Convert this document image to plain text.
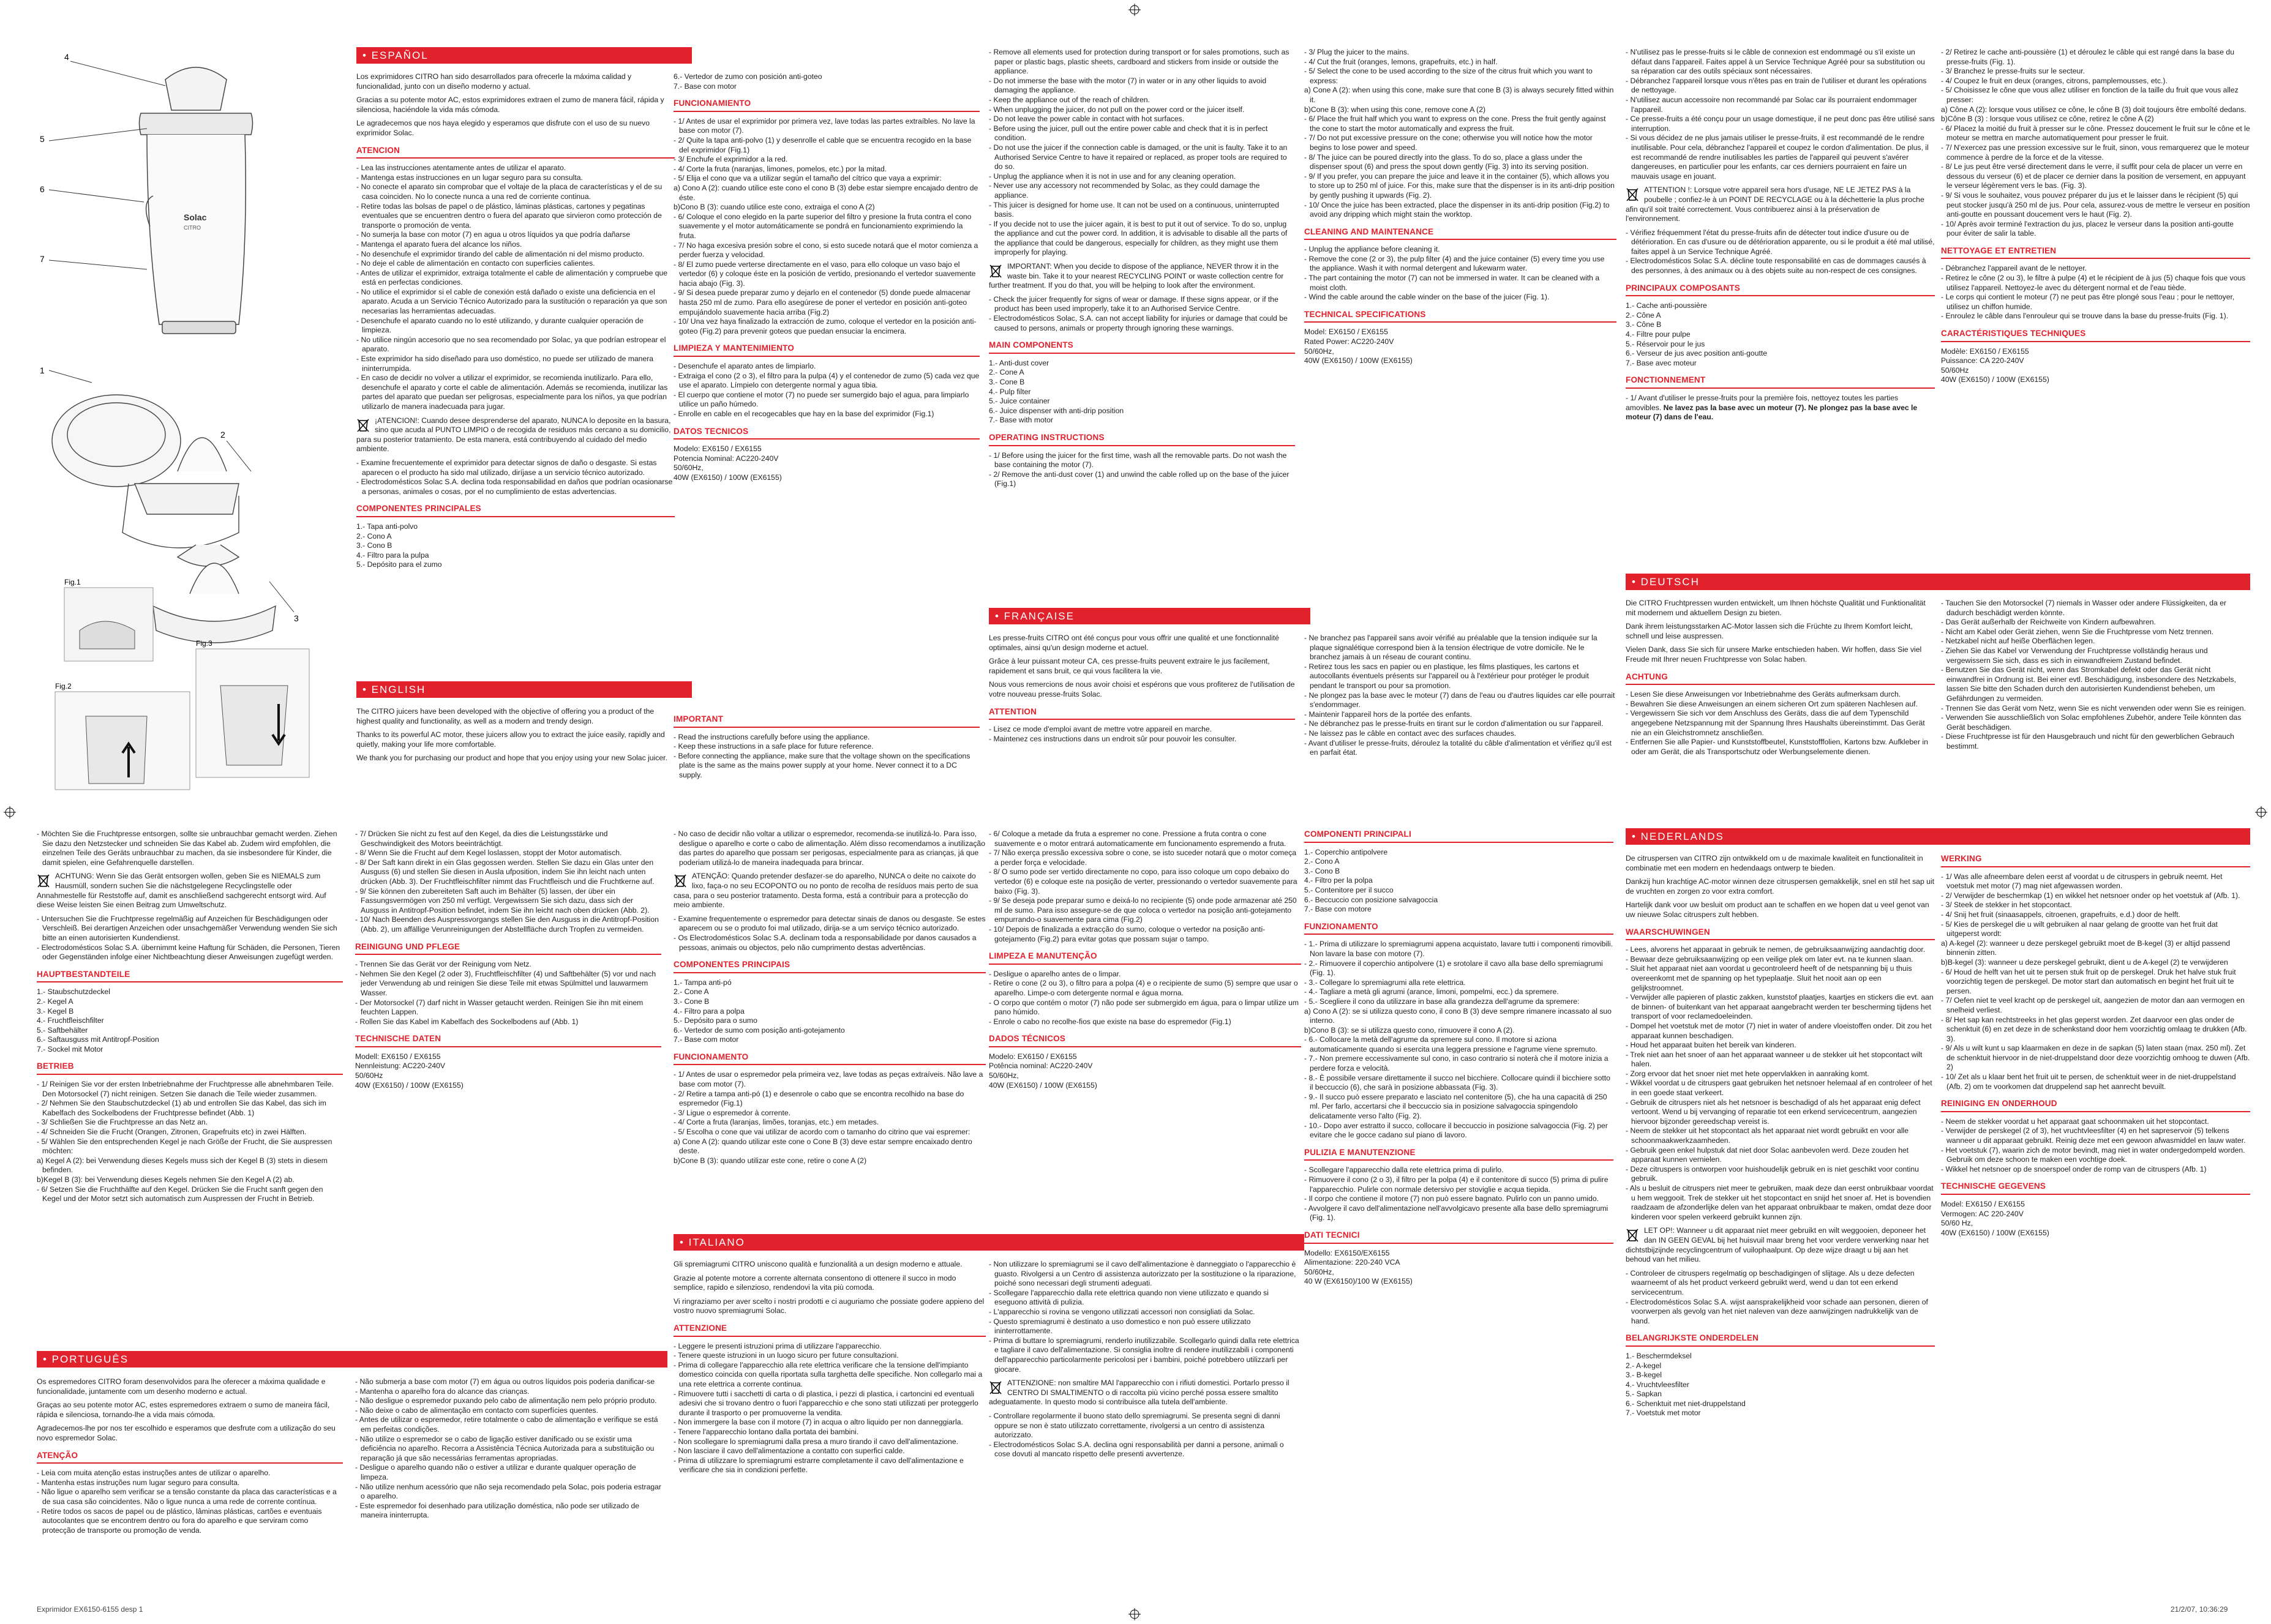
Solac
CITRO
4
5
6
7
1
2
3
Fig.1
Fig.3
Fig.2
• ESPAÑOL

Los exprimidores CITRO han sido desarrollados para ofrecerle la máxima calidad y funcionalidad, junto con un diseño moderno y actual.

Gracias a su potente motor AC, estos exprimidores extraen el zumo de manera fácil, rápida y silenciosa, haciéndole la vida más cómoda.

Le agradecemos que nos haya elegido y esperamos que disfrute con el uso de su nuevo exprimidor Solac.

ATENCION
- Lea las instrucciones atentamente antes de utilizar el aparato.
- Mantenga estas instrucciones en un lugar seguro para su consulta.
- No conecte el aparato sin comprobar que el voltaje de la placa de características y el de su casa coinciden. No lo conecte nunca a una red de corriente continua.
- Retire todas las bolsas de papel o de plástico, láminas plásticas, cartones y pegatinas eventuales que se encuentren dentro o fuera del aparato que sirvieron como protección de transporte o promoción de venta.
- No sumerja la base con motor (7) en agua u otros líquidos ya que podría dañarse
- Mantenga el aparato fuera del alcance los niños.
- No desenchufe el exprimidor tirando del cable de alimentación ni del mismo producto.
- No deje el cable de alimentación en contacto con superficies calientes.
- Antes de utilizar el exprimidor, extraiga totalmente el cable de alimentación y compruebe que está en perfectas condiciones.
- No utilice el exprimidor si el cable de conexión está dañado o existe una deficiencia en el aparato. Acuda a un Servicio Técnico Autorizado para la sustitución o reparación ya que son necesarias las herramientas adecuadas.
- Desenchufe el aparato cuando no lo esté utilizando, y durante cualquier operación de limpieza.
- No utilice ningún accesorio que no sea recomendado por Solac, ya que podrían estropear el aparato.
- Este exprimidor ha sido diseñado para uso doméstico, no puede ser utilizado de manera ininterrumpida.
- En caso de decidir no volver a utilizar el exprimidor, se recomienda inutilizarlo. Para ello, desenchufe el aparato y corte el cable de alimentación. Además se recomienda, inutilizar las partes del aparato que puedan ser peligrosas, especialmente para los niños, ya que podrían utilizarlo de manera inadecuada para jugar.

¡ATENCION!: Cuando desee desprenderse del aparato, NUNCA lo deposite en la basura, sino que acuda al PUNTO LIMPIO o de recogida de residuos más cercano a su domicilio, para su posterior tratamiento. De esta manera, está contribuyendo al cuidado del medio ambiente.

- Examine frecuentemente el exprimidor para detectar signos de daño o desgaste. Si estas aparecen o el producto ha sido mal utilizado, diríjase a un servicio técnico autorizado.
- Electrodomésticos Solac S.A. declina toda responsabilidad en daños que podrían ocasionarse a personas, animales o cosas, por el no cumplimiento de estas advertencias.
COMPONENTES PRINCIPALES
1.- Tapa anti-polvo
2.- Cono A
3.- Cono B
4.- Filtro para la pulpa
5.- Depósito para el zumo
6.- Vertedor de zumo con posición anti-goteo
7.- Base con motor
FUNCIONAMIENTO
- 1/ Antes de usar el exprimidor por primera vez, lave todas las partes extraíbles. No lave la base con motor (7).
- 2/ Quite la tapa anti-polvo (1) y desenrolle el cable que se encuentra recogido en la base del exprimidor (Fig.1)
- 3/ Enchufe el exprimidor a la red.
- 4/ Corte la fruta (naranjas, limones, pomelos, etc.) por la mitad.
- 5/ Elija el cono que va a utilizar según el tamaño del cítrico que vaya a exprimir:
a) Cono A (2): cuando utilice este cono el cono B (3) debe estar siempre encajado dentro de éste.
b)Cono B (3): cuando utilice este cono, extraiga el cono A (2)
- 6/ Coloque el cono elegido en la parte superior del filtro y presione la fruta contra el cono suavemente y el motor automáticamente se pondrá en funcionamiento exprimiendo la fruta.
- 7/ No haga excesiva presión sobre el cono, si esto sucede notará que el motor comienza a perder fuerza y velocidad.
- 8/ El zumo puede verterse directamente en el vaso, para ello coloque un vaso bajo el vertedor (6) y coloque éste en la posición de vertido, presionando el vertedor suavemente hacia abajo (Fig. 3).
- 9/ Si desea puede preparar zumo y dejarlo en el contenedor (5) donde puede almacenar hasta 250 ml de zumo. Para ello asegúrese de poner el vertedor en posición anti-goteo empujándolo suavemente hacia arriba (Fig.2)
- 10/ Una vez haya finalizado la extracción de zumo, coloque el vertedor en la posición anti-goteo (Fig.2) para prevenir goteos que puedan ensuciar la encimera.
LIMPIEZA Y MANTENIMIENTO
- Desenchufe el aparato antes de limpiarlo.
- Extraiga el cono (2 o 3), el filtro para la pulpa (4) y el contenedor de zumo (5) cada vez que use el aparato. Límpielo con detergente normal y agua tibia.
- El cuerpo que contiene el motor (7) no puede ser sumergido bajo el agua, para limpiarlo utilice un paño húmedo.
- Enrolle en cable en el recogecables que hay en la base del exprimidor (Fig.1)
DATOS TECNICOS

Modelo: EX6150 / EX6155

Potencia Nominal: AC220-240V

50/60Hz,

40W (EX6150) / 100W (EX6155)

• ENGLISH

The CITRO juicers have been developed with the objective of offering you a product of the highest quality and functionality, as well as a modern and trendy design.

Thanks to its powerful AC motor, these juicers allow you to extract the juice easily, rapidly and quietly, making your life more comfortable.

We thank you for purchasing our product and hope that you enjoy using your new Solac juicer.

IMPORTANT
- Read the instructions carefully before using the appliance.
- Keep these instructions in a safe place for future reference.
- Before connecting the appliance, make sure that the voltage shown on the specifications plate is the same as the mains power supply at your home. Never connect it to a DC supply.
- Remove all elements used for protection during transport or for sales promotions, such as paper or plastic bags, plastic sheets, cardboard and stickers from inside or outside the appliance.
- Do not immerse the base with the motor (7) in water or in any other liquids to avoid damaging the appliance.
- Keep the appliance out of the reach of children.
- When unplugging the juicer, do not pull on the power cord or the juicer itself.
- Do not leave the power cable in contact with hot surfaces.
- Before using the juicer, pull out the entire power cable and check that it is in perfect condition.
- Do not use the juicer if the connection cable is damaged, or the unit is faulty. Take it to an Authorised Service Centre to have it repaired or replaced, as proper tools are required to do so.
- Unplug the appliance when it is not in use and for any cleaning operation.
- Never use any accessory not recommended by Solac, as they could damage the appliance.
- This juicer is designed for home use. It can not be used on a continuous, uninterrupted basis.
- If you decide not to use the juicer again, it is best to put it out of service. To do so, unplug the appliance and cut the power cord. In addition, it is advisable to disable all the parts of the appliance that could be dangerous, especially for children, as they might use them improperly for playing.

IMPORTANT: When you decide to dispose of the appliance, NEVER throw it in the waste bin. Take it to your nearest RECYCLING POINT or waste collection centre for further treatment. If you do that, you will be helping to look after the environment.

- Check the juicer frequently for signs of wear or damage. If these signs appear, or if the product has been used improperly, take it to an Authorised Service Centre.
- Electrodomésticos Solac, S.A. can not accept liability for injuries or damage that could be caused to persons, animals or property through ignoring these warnings.
MAIN COMPONENTS
1.- Anti-dust cover
2.- Cone A
3.- Cone B
4.- Pulp filter
5.- Juice container
6.- Juice dispenser with anti-drip position
7.- Base with motor
OPERATING INSTRUCTIONS
- 1/ Before using the juicer for the first time, wash all the removable parts. Do not wash the base containing the motor (7).
- 2/ Remove the anti-dust cover (1) and unwind the cable rolled up on the base of the juicer (Fig.1)
- 3/ Plug the juicer to the mains.
- 4/ Cut the fruit (oranges, lemons, grapefruits, etc.) in half.
- 5/ Select the cone to be used according to the size of the citrus fruit which you want to express:
a) Cone A (2): when using this cone, make sure that cone B (3) is always securely fitted within it.
b)Cone B (3): when using this cone, remove cone A (2)
- 6/ Place the fruit half which you want to express on the cone. Press the fruit gently against the cone to start the motor automatically and express the fruit.
- 7/ Do not put excessive pressure on the cone; otherwise you will notice how the motor begins to lose power and speed.
- 8/ The juice can be poured directly into the glass. To do so, place a glass under the dispenser spout (6) and press the spout down gently (Fig. 3) into its serving position.
- 9/ If you prefer, you can prepare the juice and leave it in the container (5), which allows you to store up to 250 ml of juice. For this, make sure that the dispenser is in its anti-drip position by gently pushing it upwards (Fig. 2).
- 10/ Once the juice has been extracted, place the dispenser in its anti-drip position (Fig.2) to avoid any dripping which might stain the worktop.
CLEANING AND MAINTENANCE
- Unplug the appliance before cleaning it.
- Remove the cone (2 or 3), the pulp filter (4) and the juice container (5) every time you use the appliance. Wash it with normal detergent and lukewarm water.
- The part containing the motor (7) can not be immersed in water. It can be cleaned with a moist cloth.
- Wind the cable around the cable winder on the base of the juicer (Fig. 1).
TECHNICAL SPECIFICATIONS

Model: EX6150 / EX6155

Rated Power: AC220-240V

50/60Hz,

40W (EX6150) / 100W (EX6155)

• FRANÇAISE

Les presse-fruits CITRO ont été conçus pour vous offrir une qualité et une fonctionnalité optimales, ainsi qu'un design moderne et actuel.

Grâce à leur puissant moteur CA, ces presse-fruits peuvent extraire le jus facilement, rapidement et sans bruit, ce qui vous facilitera la vie.

Nous vous remercions de nous avoir choisi et espérons que vous profiterez de l'utilisation de votre nouveau presse-fruits Solac.

ATTENTION
- Lisez ce mode d'emploi avant de mettre votre appareil en marche.
- Maintenez ces instructions dans un endroit sûr pour pouvoir les consulter.
- Ne branchez pas l'appareil sans avoir vérifié au préalable que la tension indiquée sur la plaque signalétique correspond bien à la tension électrique de votre domicile. Ne le branchez jamais à un réseau de courant continu.
- Retirez tous les sacs en papier ou en plastique, les films plastiques, les cartons et autocollants éventuels présents sur l'appareil ou à l'extérieur pour protéger le produit pendant le transport ou pour sa promotion.
- Ne plongez pas la base avec le moteur (7) dans de l'eau ou d'autres liquides car elle pourrait s'endommager.
- Maintenir l'appareil hors de la portée des enfants.
- Ne débranchez pas le presse-fruits en tirant sur le cordon d'alimentation ou sur l'appareil.
- Ne laissez pas le câble en contact avec des surfaces chaudes.
- Avant d'utiliser le presse-fruits, déroulez la totalité du câble d'alimentation et vérifiez qu'il est en parfait état.
- N'utilisez pas le presse-fruits si le câble de connexion est endommagé ou s'il existe un défaut dans l'appareil. Faites appel à un Service Technique Agréé pour sa substitution ou sa réparation car des outils spéciaux sont nécessaires.
- Débranchez l'appareil lorsque vous n'êtes pas en train de l'utiliser et durant les opérations de nettoyage.
- N'utilisez aucun accessoire non recommandé par Solac car ils pourraient endommager l'appareil.
- Ce presse-fruits a été conçu pour un usage domestique, il ne peut donc pas être utilisé sans interruption.
- Si vous décidez de ne plus jamais utiliser le presse-fruits, il est recommandé de le rendre inutilisable. Pour cela, débranchez l'appareil et coupez le cordon d'alimentation. De plus, il est recommandé de rendre inutilisables les parties de l'appareil qui peuvent s'avérer dangereuses, en particulier pour les enfants, car ces derniers pourraient en faire un mauvais usage en jouant.

ATTENTION !: Lorsque votre appareil sera hors d'usage, NE LE JETEZ PAS à la poubelle ; confiez-le à un POINT DE RECYCLAGE ou à la déchetterie la plus proche afin qu'il soit traité correctement. Vous contribuerez ainsi à la préservation de l'environnement.

- Vérifiez fréquemment l'état du presse-fruits afin de détecter tout indice d'usure ou de détérioration. En cas d'usure ou de détérioration apparente, ou si le produit a été mal utilisé, faites appel à un Service Technique Agréé.
- Electrodomésticos Solac S.A. décline toute responsabilité en cas de dommages causés à des personnes, à des animaux ou à des objets suite au non-respect de ces consignes.
PRINCIPAUX COMPOSANTS
1.- Cache anti-poussière
2.- Cône A
3.- Cône B
4.- Filtre pour pulpe
5.- Réservoir pour le jus
6.- Verseur de jus avec position anti-goutte
7.- Base avec moteur
FONCTIONNEMENT

- 1/ Avant d'utiliser le presse-fruits pour la première fois, nettoyez toutes les parties amovibles. Ne lavez pas la base avec un moteur (7). Ne plongez pas la base avec le moteur (7) dans de l'eau.

- 2/ Retirez le cache anti-poussière (1) et déroulez le câble qui est rangé dans la base du presse-fruits (Fig. 1).
- 3/ Branchez le presse-fruits sur le secteur.
- 4/ Coupez le fruit en deux (oranges, citrons, pamplemousses, etc.).
- 5/ Choisissez le cône que vous allez utiliser en fonction de la taille du fruit que vous allez presser:
a) Cône A (2): lorsque vous utilisez ce cône, le cône B (3) doit toujours être emboîté dedans.
b)Cône B (3) : lorsque vous utilisez ce cône, retirez le cône A (2)
- 6/ Placez la moitié du fruit à presser sur le cône. Pressez doucement le fruit sur le cône et le moteur se mettra en marche automatiquement pour presser le fruit.
- 7/ N'exercez pas une pression excessive sur le fruit, sinon, vous remarquerez que le moteur commence à perdre de la force et de la vitesse.
- 8/ Le jus peut être versé directement dans le verre, il suffit pour cela de placer un verre en dessous du verseur (6) et de placer ce dernier dans la position de versement, en appuyant le verseur légèrement vers le bas. (Fig. 3).
- 9/ Si vous le souhaitez, vous pouvez préparer du jus et le laisser dans le récipient (5) qui peut stocker jusqu'à 250 ml de jus. Pour cela, assurez-vous de mettre le verseur en position anti-goutte en poussant doucement vers le haut (Fig. 2).
- 10/ Après avoir terminé l'extraction du jus, placez le verseur dans la position anti-goutte pour éviter de salir la table.
NETTOYAGE ET ENTRETIEN
- Débranchez l'appareil avant de le nettoyer.
- Retirez le cône (2 ou 3), le filtre à pulpe (4) et le récipient de à jus (5) chaque fois que vous utilisez l'appareil. Nettoyez-le avec du détergent normal et de l'eau tiède.
- Le corps qui contient le moteur (7) ne peut pas être plongé sous l'eau ; pour le nettoyer, utilisez un chiffon humide.
- Enroulez le câble dans l'enrouleur qui se trouve dans la base du presse-fruits (Fig. 1).
CARACTÉRISTIQUES TECHNIQUES

Modèle: EX6150 / EX6155

Puissance: CA 220-240V

50/60Hz

40W (EX6150) / 100W (EX6155)

• DEUTSCH

Die CITRO Fruchtpressen wurden entwickelt, um Ihnen höchste Qualität und Funktionalität mit modernem und aktuellem Design zu bieten.

Dank ihrem leistungsstarken AC-Motor lassen sich die Früchte zu Ihrem Komfort leicht, schnell und leise auspressen.

Vielen Dank, dass Sie sich für unsere Marke entschieden haben. Wir hoffen, dass Sie viel Freude mit Ihrer neuen Fruchtpresse von Solac haben.

ACHTUNG
- Lesen Sie diese Anweisungen vor Inbetriebnahme des Geräts aufmerksam durch.
- Bewahren Sie diese Anweisungen an einem sicheren Ort zum späteren Nachlesen auf.
- Vergewissern Sie sich vor dem Anschluss des Geräts, dass die auf dem Typenschild angegebene Netzspannung mit der Spannung Ihres Haushalts übereinstimmt. Das Gerät nie an ein Gleichstromnetz anschließen.
- Entfernen Sie alle Papier- und Kunststoffbeutel, Kunststofffolien, Kartons bzw. Aufkleber in oder am Gerät, die als Transportschutz oder Werbungselemente dienen.
- Tauchen Sie den Motorsockel (7) niemals in Wasser oder andere Flüssigkeiten, da er dadurch beschädigt werden könnte.
- Das Gerät außerhalb der Reichweite von Kindern aufbewahren.
- Nicht am Kabel oder Gerät ziehen, wenn Sie die Fruchtpresse vom Netz trennen.
- Netzkabel nicht auf heiße Oberflächen legen.
- Ziehen Sie das Kabel vor Verwendung der Fruchtpresse vollständig heraus und vergewissern Sie sich, dass es sich in einwandfreiem Zustand befindet.
- Benutzen Sie das Gerät nicht, wenn das Stromkabel defekt oder das Gerät nicht einwandfrei in Ordnung ist. Bei einer evtl. Beschädigung, insbesondere des Netzkabels, lassen Sie bitte den Schaden durch den autorisierten Kundendienst beheben, um Gefährdungen zu vermeiden.
- Trennen Sie das Gerät vom Netz, wenn Sie es nicht verwenden oder wenn Sie es reinigen.
- Verwenden Sie ausschließlich von Solac empfohlenes Zubehör, andere Teile könnten das Gerät beschädigen.
- Diese Fruchtpresse ist für den Hausgebrauch und nicht für den gewerblichen Gebrauch bestimmt.
- Möchten Sie die Fruchtpresse entsorgen, sollte sie unbrauchbar gemacht werden. Ziehen Sie dazu den Netzstecker und schneiden Sie das Kabel ab. Zudem wird empfohlen, die einzelnen Teile des Geräts unbrauchbar zu machen, da sie insbesondere für Kinder, die damit spielen, eine Gefahrenquelle darstellen.

ACHTUNG: Wenn Sie das Gerät entsorgen wollen, geben Sie es NIEMALS zum Hausmüll, sondern suchen Sie die nächstgelegene Recyclingstelle oder Annahmestelle für Reststoffe auf, damit es anschließend sachgerecht entsorgt wird. Auf diese Weise leisten Sie einen Beitrag zum Umweltschutz.

- Untersuchen Sie die Fruchtpresse regelmäßig auf Anzeichen für Beschädigungen oder Verschleiß. Bei derartigen Anzeichen oder unsachgemäßer Verwendung wenden Sie sich bitte an einen autorisierten Kundendienst.
- Electrodomésticos Solac S.A. übernimmt keine Haftung für Schäden, die Personen, Tieren oder Gegenständen infolge einer Nichtbeachtung dieser Anweisungen zugefügt werden.
HAUPTBESTANDTEILE
1.- Staubschutzdeckel
2.- Kegel A
3.- Kegel B
4.- Fruchtfleischfilter
5.- Saftbehälter
6.- Saftausguss mit Antitropf-Position
7.- Sockel mit Motor
BETRIEB
- 1/ Reinigen Sie vor der ersten Inbetriebnahme der Fruchtpresse alle abnehmbaren Teile. Den Motorsockel (7) nicht reinigen. Setzen Sie danach die Teile wieder zusammen.
- 2/ Nehmen Sie den Staubschutzdeckel (1) ab und entrollen Sie das Kabel, das sich im Kabelfach des Sockelbodens der Fruchtpresse befindet (Abb. 1)
- 3/ Schließen Sie die Fruchtpresse an das Netz an.
- 4/ Schneiden Sie die Frucht (Orangen, Zitronen, Grapefruits etc) in zwei Hälften.
- 5/ Wählen Sie den entsprechenden Kegel je nach Größe der Frucht, die Sie auspressen möchten:
a) Kegel A (2): bei Verwendung dieses Kegels muss sich der Kegel B (3) stets in diesem befinden.
b)Kegel B (3): bei Verwendung dieses Kegels nehmen Sie den Kegel A (2) ab.
- 6/ Setzen Sie die Fruchthälfte auf den Kegel. Drücken Sie die Frucht sanft gegen den Kegel und der Motor setzt sich automatisch zum Auspressen der Frucht in Betrieb.
- 7/ Drücken Sie nicht zu fest auf den Kegel, da dies die Leistungsstärke und Geschwindigkeit des Motors beeinträchtigt.
- 8/ Wenn Sie die Frucht auf dem Kegel loslassen, stoppt der Motor automatisch.
- 8/ Der Saft kann direkt in ein Glas gegossen werden. Stellen Sie dazu ein Glas unter den Ausguss (6) und stellen Sie diesen in Ausla ufposition, indem Sie ihn leicht nach unten drücken (Abb. 3). Der Fruchtfleischfilter nimmt das Fruchtfleisch und die Fruchtkerne auf.
- 9/ Sie können den zubereiteten Saft auch im Behälter (5) lassen, der über ein Fassungsvermögen von 250 ml verfügt. Vergewissern Sie sich dazu, dass sich der Ausguss in Antitropf-Position befindet, indem Sie ihn leicht nach oben drücken (Abb. 2).
- 10/ Nach Beenden des Auspressvorgangs stellen Sie den Ausguss in die Antitropf-Position (Abb. 2), um affällige Verunreinigungen der Abstellfläche durch Tropfen zu vermeiden.
REINIGUNG UND PFLEGE
- Trennen Sie das Gerät vor der Reinigung vom Netz.
- Nehmen Sie den Kegel (2 oder 3), Fruchtfleischfilter (4) und Saftbehälter (5) vor und nach jeder Verwendung ab und reinigen Sie diese Teile mit etwas Spülmittel und lauwarmem Wasser.
- Der Motorsockel (7) darf nicht in Wasser getaucht werden. Reinigen Sie ihn mit einem feuchten Lappen.
- Rollen Sie das Kabel im Kabelfach des Sockelbodens auf (Abb. 1)
TECHNISCHE DATEN

Modell: EX6150 / EX6155

Nennleistung: AC220-240V

50/60Hz

40W (EX6150) / 100W (EX6155)

• PORTUGUÊS

Os espremedores CITRO foram desenvolvidos para lhe oferecer a máxima qualidade e funcionalidade, juntamente com um desenho moderno e actual.

Graças ao seu potente motor AC, estes espremedores extraem o sumo de maneira fácil, rápida e silenciosa, tornando-lhe a vida mais cómoda.

Agradecemos-lhe por nos ter escolhido e esperamos que desfrute com a utilização do seu novo espremedor Solac.

ATENÇÃO
- Leia com muita atenção estas instruções antes de utilizar o aparelho.
- Mantenha estas instruções num lugar seguro para consulta.
- Não ligue o aparelho sem verificar se a tensão constante da placa das características e a de sua casa são coincidentes. Não o ligue nunca a uma rede de corrente contínua.
- Retire todos os sacos de papel ou de plástico, lâminas plásticas, cartões e eventuais autocolantes que se encontrem dentro ou fora do aparelho e que serviram como protecção de transporte ou promoção de venda.
- Não submerja a base com motor (7) em água ou outros líquidos pois poderia danificar-se
- Mantenha o aparelho fora do alcance das crianças.
- Não desligue o espremedor puxando pelo cabo de alimentação nem pelo próprio produto.
- Não deixe o cabo de alimentação em contacto com superfícies quentes.
- Antes de utilizar o espremedor, retire totalmente o cabo de alimentação e verifique se está em perfeitas condições.
- Não utilize o espremedor se o cabo de ligação estiver danificado ou se existir uma deficiência no aparelho. Recorra a Assistência Técnica Autorizada para a substituição ou reparação já que são necessárias ferramentas apropriadas.
- Desligue o aparelho quando não o estiver a utilizar e durante qualquer operação de limpeza.
- Não utilize nenhum acessório que não seja recomendado pela Solac, pois poderia estragar o aparelho.
- Este espremedor foi desenhado para utilização doméstica, não pode ser utilizado de maneira ininterrupta.
- No caso de decidir não voltar a utilizar o espremedor, recomenda-se inutilizá-lo. Para isso, desligue o aparelho e corte o cabo de alimentação. Além disso recomendamos a inutilização das partes do aparelho que possam ser perigosas, especialmente para as crianças, já que poderiam utilizá-lo de maneira inadequada para brincar.

ATENÇÃO: Quando pretender desfazer-se do aparelho, NUNCA o deite no caixote do lixo, faça-o no seu ECOPONTO ou no ponto de recolha de resíduos mais perto de sua casa, para o seu posterior tratamento. Desta forma, está a contribuir para a protecção do meio ambiente.

- Examine frequentemente o espremedor para detectar sinais de danos ou desgaste. Se estes aparecem ou se o produto foi mal utilizado, dirija-se a um serviço técnico autorizado.
- Os Electrodomésticos Solac S.A. declinam toda a responsabilidade por danos causados a pessoas, animais ou objectos, pelo não cumprimento destas advertências.
COMPONENTES PRINCIPAIS
1.- Tampa anti-pó
2.- Cone A
3.- Cone B
4.- Filtro para a polpa
5.- Depósito para o sumo
6.- Vertedor de sumo com posição anti-gotejamento
7.- Base com motor
FUNCIONAMENTO
- 1/ Antes de usar o espremedor pela primeira vez, lave todas as peças extraíveis. Não lave a base com motor (7).
- 2/ Retire a tampa anti-pó (1) e desenrole o cabo que se encontra recolhido na base do espremedor (Fig.1)
- 3/ Ligue o espremedor à corrente.
- 4/ Corte a fruta (laranjas, limões, toranjas, etc.) em metades.
- 5/ Escolha o cone que vai utilizar de acordo com o tamanho do citrino que vai espremer:
a) Cone A (2): quando utilizar este cone o Cone B (3) deve estar sempre encaixado dentro deste.
b)Cone B (3): quando utilizar este cone, retire o cone A (2)
- 6/ Coloque a metade da fruta a espremer no cone. Pressione a fruta contra o cone suavemente e o motor entrará automaticamente em funcionamento espremendo a fruta.
- 7/ Não exerça pressão excessiva sobre o cone, se isto suceder notará que o motor começa a perder força e velocidade.
- 8/ O sumo pode ser vertido directamente no copo, para isso coloque um copo debaixo do vertedor (6) e coloque este na posição de verter, pressionando o vertedor suavemente para baixo (Fig. 3).
- 9/ Se deseja pode preparar sumo e deixá-lo no recipiente (5) onde pode armazenar até 250 ml de sumo. Para isso assegure-se de que coloca o vertedor na posição anti-gotejamento empurrando-o suavemente para cima (Fig.2)
- 10/ Depois de finalizada a extracção do sumo, coloque o vertedor na posição anti-gotejamento (Fig.2) para evitar gotas que possam sujar o tampo.
LIMPEZA E MANUTENÇÃO
- Desligue o aparelho antes de o limpar.
- Retire o cone (2 ou 3), o filtro para a polpa (4) e o recipiente de sumo (5) sempre que usar o aparelho. Limpe-o com detergente normal e água morna.
- O corpo que contém o motor (7) não pode ser submergido em água, para o limpar utilize um pano húmido.
- Enrole o cabo no recolhe-fios que existe na base do espremedor (Fig.1)
DADOS TÉCNICOS

Modelo: EX6150 / EX6155

Potência nominal: AC220-240V

50/60Hz,

40W (EX6150) / 100W (EX6155)

• ITALIANO

Gli spremiagrumi CITRO uniscono qualità e funzionalità a un design moderno e attuale.

Grazie al potente motore a corrente alternata consentono di ottenere il succo in modo semplice, rapido e silenzioso, rendendovi la vita più comoda.

Vi ringraziamo per aver scelto i nostri prodotti e ci auguriamo che possiate godere appieno del vostro nuovo spremiagrumi Solac.

ATTENZIONE
- Leggere le presenti istruzioni prima di utilizzare l'apparecchio.
- Tenere queste istruzioni in un luogo sicuro per future consultazioni.
- Prima di collegare l'apparecchio alla rete elettrica verificare che la tensione dell'impianto domestico coincida con quella riportata sulla targhetta delle specifiche. Non collegarlo mai a una rete elettrica a corrente continua.
- Rimuovere tutti i sacchetti di carta o di plastica, i pezzi di plastica, i cartoncini ed eventuali adesivi che si trovano dentro o fuori l'apparecchio e che sono stati utilizzati per proteggerlo durante il trasporto o per promuoverne la vendita.
- Non immergere la base con il motore (7) in acqua o altro liquido per non danneggiarla.
- Tenere l'apparecchio lontano dalla portata dei bambini.
- Non scollegare lo spremiagrumi dalla presa a muro tirando il cavo dell'alimentazione.
- Non lasciare il cavo dell'alimentazione a contatto con superfici calde.
- Prima di utilizzare lo spremiagrumi estrarre completamente il cavo dell'alimentazione e verificare che sia in condizioni perfette.
- Non utilizzare lo spremiagrumi se il cavo dell'alimentazione è danneggiato o l'apparecchio è guasto. Rivolgersi a un Centro di assistenza autorizzato per la sostituzione o la riparazione, poiché sono necessari degli strumenti adeguati.
- Scollegare l'apparecchio dalla rete elettrica quando non viene utilizzato e quando si eseguono attività di pulizia.
- L'apparecchio si rovina se vengono utilizzati accessori non consigliati da Solac.
- Questo spremiagrumi è destinato a uso domestico e non può essere utilizzato ininterrottamente.
- Prima di buttare lo spremiagrumi, renderlo inutilizzabile. Scollegarlo quindi dalla rete elettrica e tagliare il cavo dell'alimentazione. Si consiglia inoltre di rendere inutilizzabili i componenti dell'apparecchio particolarmente pericolosi per i bambini, poiché potrebbero utilizzarli per giocare.

ATTENZIONE: non smaltire MAI l'apparecchio con i rifiuti domestici. Portarlo presso il CENTRO DI SMALTIMENTO o di raccolta più vicino perché possa essere smaltito adeguatamente. In questo modo si contribuisce alla tutela dell'ambiente.

- Controllare regolarmente il buono stato dello spremiagrumi. Se presenta segni di danni oppure se non è stato utilizzato correttamente, rivolgersi a un centro di assistenza autorizzato.
- Electrodomésticos Solac S.A. declina ogni responsabilità per danni a persone, animali o cose dovuti al mancato rispetto delle presenti avvertenze.
COMPONENTI PRINCIPALI
1.- Coperchio antipolvere
2.- Cono A
3.- Cono B
4.- Filtro per la polpa
5.- Contenitore per il succo
6.- Beccuccio con posizione salvagoccia
7.- Base con motore
FUNZIONAMENTO
- 1.- Prima di utilizzare lo spremiagrumi appena acquistato, lavare tutti i componenti rimovibili. Non lavare la base con motore (7).
- 2.- Rimuovere il coperchio antipolvere (1) e srotolare il cavo alla base dello spremiagrumi (Fig. 1).
- 3.- Collegare lo spremiagrumi alla rete elettrica.
- 4.- Tagliare a metà gli agrumi (arance, limoni, pompelmi, ecc.) da spremere.
- 5.- Scegliere il cono da utilizzare in base alla grandezza dell'agrume da spremere:
a) Cono A (2): se si utilizza questo cono, il cono B (3) deve sempre rimanere incassato al suo interno.
b)Cono B (3): se si utilizza questo cono, rimuovere il cono A (2).
- 6.- Collocare la metà dell'agrume da spremere sul cono. Il motore si aziona automaticamente quando si esercita una leggera pressione e l'agrume viene spremuto.
- 7.- Non premere eccessivamente sul cono, in caso contrario si noterà che il motore inizia a perdere forza e velocità.
- 8.- È possibile versare direttamente il succo nel bicchiere. Collocare quindi il bicchiere sotto il beccuccio (6), che sarà in posizione abbassata (Fig. 3).
- 9.- Il succo può essere preparato e lasciato nel contenitore (5), che ha una capacità di 250 ml. Per farlo, accertarsi che il beccuccio sia in posizione salvagoccia spingendolo delicatamente verso l'alto (Fig. 2).
- 10.- Dopo aver estratto il succo, collocare il beccuccio in posizione salvagoccia (Fig. 2) per evitare che le gocce cadano sul piano di lavoro.
PULIZIA E MANUTENZIONE
- Scollegare l'apparecchio dalla rete elettrica prima di pulirlo.
- Rimuovere il cono (2 o 3), il filtro per la polpa (4) e il contenitore di succo (5) prima di pulire l'apparecchio. Pulirle con normale detersivo per stoviglie e acqua tiepida.
- Il corpo che contiene il motore (7) non può essere bagnato. Pulirlo con un panno umido.
- Avvolgere il cavo dell'alimentazione nell'avvolgicavo presente alla base dello spremiagrumi (Fig. 1).
DATI TECNICI

Modello: EX6150/EX6155

Alimentazione: 220-240 VCA

50/60Hz,

40 W (EX6150)/100 W (EX6155)

• NEDERLANDS

De citruspersen van CITRO zijn ontwikkeld om u de maximale kwaliteit en functionaliteit in combinatie met een modern en hedendaags ontwerp te bieden.

Dankzij hun krachtige AC-motor winnen deze citruspersen gemakkelijk, snel en stil het sap uit de vruchten en zorgen zo voor extra comfort.

Hartelijk dank voor uw besluit om product aan te schaffen en we hopen dat u veel genot van uw nieuwe Solac citruspers zult hebben.

WAARSCHUWINGEN
- Lees, alvorens het apparaat in gebruik te nemen, de gebruiksaanwijzing aandachtig door.
- Bewaar deze gebruiksaanwijzing op een veilige plek om later evt. na te kunnen slaan.
- Sluit het apparaat niet aan voordat u gecontroleerd heeft of de netspanning bij u thuis overeenkomt met de spanning op het typeplaatje. Sluit het nooit aan op een gelijkstroomnet.
- Verwijder alle papieren of plastic zakken, kunststof plaatjes, kaartjes en stickers die evt. aan de binnen- of buitenkant van het apparaat aangebracht werden ter bescherming tijdens het transport of voor reclamedoeleinden.
- Dompel het voetstuk met de motor (7) niet in water of andere vloeistoffen onder. Dit zou het apparaat kunnen beschadigen.
- Houd het apparaat buiten het bereik van kinderen.
- Trek niet aan het snoer of aan het apparaat wanneer u de stekker uit het stopcontact wilt halen.
- Zorg ervoor dat het snoer niet met hete oppervlakken in aanraking komt.
- Wikkel voordat u de citruspers gaat gebruiken het netsnoer helemaal af en controleer of het in een goede staat verkeert.
- Gebruik de citruspers niet als het netsnoer is beschadigd of als het apparaat enig defect vertoont. Wend u bij vervanging of reparatie tot een erkend servicecentrum, aangezien hiervoor bijzonder gereedschap vereist is.
- Neem de stekker uit het stopcontact als het apparaat niet wordt gebruikt en voor alle schoonmaakwerkzaamheden.
- Gebruik geen enkel hulpstuk dat niet door Solac aanbevolen werd. Deze zouden het apparaat kunnen vernielen.
- Deze citruspers is ontworpen voor huishoudelijk gebruik en is niet geschikt voor continu gebruik.
- Als u besluit de citruspers niet meer te gebruiken, maak deze dan eerst onbruikbaar voordat u hem weggooit. Trek de stekker uit het stopcontact en snijd het snoer af. Het is bovendien raadzaam de afzonderlijke delen van het apparaat onbruikbaar te maken, omdat deze door kinderen voor spelen verkeerd gebruikt kunnen zijn.

LET OP!: Wanneer u dit apparaat niet meer gebruikt en wilt weggooien, deponeer het dan IN GEEN GEVAL bij het huisvuil maar breng het voor verdere verwerking naar het dichtstbijzijnde recyclingcentrum of vuilophaalpunt. Op deze wijze draagt u bij aan het behoud van het milieu.

- Controleer de citruspers regelmatig op beschadigingen of slijtage. Als u deze defecten waarneemt of als het product verkeerd gebruikt werd, wend u dan tot een erkend servicecentrum.
- Electrodomésticos Solac S.A. wijst aansprakelijkheid voor schade aan personen, dieren of voorwerpen als gevolg van het niet naleven van deze aanwijzingen nadrukkelijk van de hand.
BELANGRIJKSTE ONDERDELEN
1.- Beschermdeksel
2.- A-kegel
3.- B-kegel
4.- Vruchtvleesfilter
5.- Sapkan
6.- Schenktuit met niet-druppelstand
7.- Voetstuk met motor
WERKING
- 1/ Was alle afneembare delen eerst af voordat u de citruspers in gebruik neemt. Het voetstuk met motor (7) mag niet afgewassen worden.
- 2/ Verwijder de beschermkap (1) en wikkel het netsnoer onder op het voetstuk af (Afb. 1).
- 3/ Steek de stekker in het stopcontact.
- 4/ Snij het fruit (sinaasappels, citroenen, grapefruits, e.d.) door de helft.
- 5/ Kies de perskegel die u wilt gebruiken al naar gelang de grootte van het fruit dat uitgeperst wordt:
a) A-kegel (2): wanneer u deze perskegel gebruikt moet de B-kegel (3) er altijd passend binnenin zitten.
b)B-kegel (3): wanneer u deze perskegel gebruikt, dient u de A-kegel (2) te verwijderen
- 6/ Houd de helft van het uit te persen stuk fruit op de perskegel. Druk het halve stuk fruit voorzichtig tegen de perskegel. De motor start dan automatisch en begint het fruit uit te persen.
- 7/ Oefen niet te veel kracht op de perskegel uit, aangezien de motor dan aan vermogen en snelheid verliest.
- 8/ Het sap kan rechtstreeks in het glas geperst worden. Zet daarvoor een glas onder de schenktuit (6) en zet deze in de schenkstand door hem voorzichtig omlaag te drukken (Afb. 3).
- 9/ Als u wilt kunt u sap klaarmaken en deze in de sapkan (5) laten staan (max. 250 ml). Zet de schenktuit hiervoor in de niet-druppelstand door deze voorzichtig omhoog te duwen (Afb. 2)
- 10/ Zet als u klaar bent het fruit uit te persen, de schenktuit weer in de niet-druppelstand (Afb. 2) om te voorkomen dat druppelend sap het aanrecht bevuilt.
REINIGING EN ONDERHOUD
- Neem de stekker voordat u het apparaat gaat schoonmaken uit het stopcontact.
- Verwijder de perskegel (2 of 3), het vruchtvleesfilter (4) en het sapreservoir (5) telkens wanneer u dit apparaat gebruikt. Reinig deze met een gewoon afwasmiddel en lauw water.
- Het voetstuk (7), waarin zich de motor bevindt, mag niet in water ondergedompeld worden. Gebruik om deze schoon te maken een vochtige doek.
- Wikkel het netsnoer op de snoerspoel onder de romp van de citruspers (Afb. 1)
TECHNISCHE GEGEVENS

Model: EX6150 / EX6155

Vermogen: AC 220-240V

50/60 Hz,

40W (EX6150) / 100W (EX6155)

Exprimidor EX6150-6155 desp 1	21/2/07, 10:36:29
